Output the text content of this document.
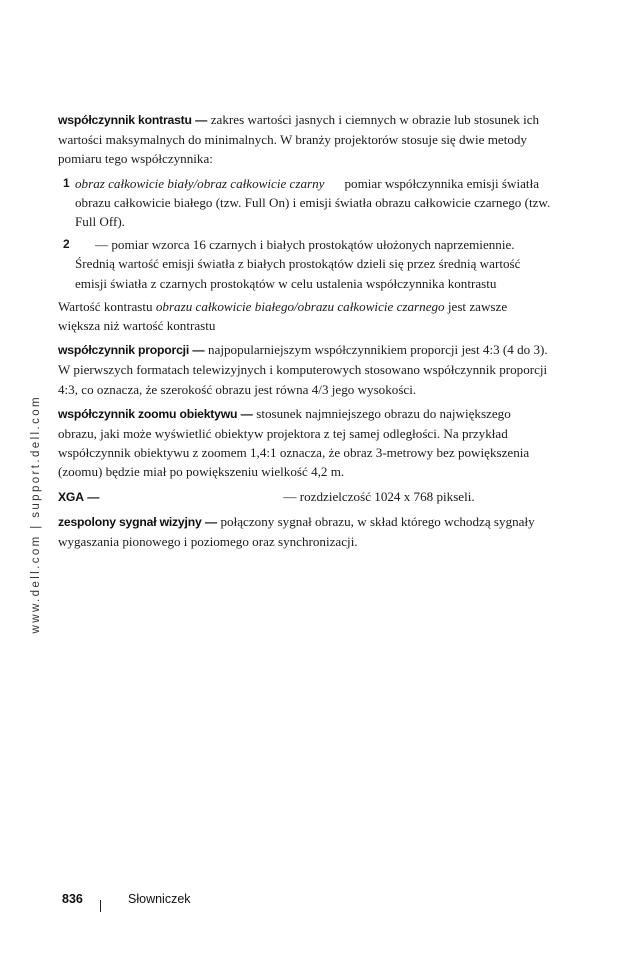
www.dell.com | support.dell.com

współczynnik kontrastu — zakres wartości jasnych i ciemnych w obrazie lub stosunek ich wartości maksymalnych do minimalnych. W branży projektorów stosuje się dwie metody pomiaru tego współczynnika:

1 obraz całkowicie biały/obraz całkowicie czarny pomiar współczynnika emisji światła obrazu całkowicie białego (tzw. Full On) i emisji światła obrazu całkowicie czarnego (tzw. Full Off).

2 — pomiar wzorca 16 czarnych i białych prostokątów ułożonych naprzemiennie. Średnią wartość emisji światła z białych prostokątów dzieli się przez średnią wartość emisji światła z czarnych prostokątów w celu ustalenia współczynnika kontrastu

Wartość kontrastu obrazu całkowicie białego/obrazu całkowicie czarnego jest zawsze większa niż wartość kontrastu

współczynnik proporcji — najpopularniejszym współczynnikiem proporcji jest 4:3 (4 do 3). W pierwszych formatach telewizyjnych i komputerowych stosowano współczynnik proporcji 4:3, co oznacza, że szerokość obrazu jest równa 4/3 jego wysokości.

współczynnik zoomu obiektywu — stosunek najmniejszego obrazu do największego obrazu, jaki może wyświetlić obiektyw projektora z tej samej odległości. Na przykład współczynnik obiektywu z zoomem 1,4:1 oznacza, że obraz 3-metrowy bez powiększenia (zoomu) będzie miał po powiększeniu wielkość 4,2 m.

XGA —	— rozdzielczość 1024 x 768 pikseli.

zespolony sygnał wizyjny — połączony sygnał obrazu, w skład którego wchodzą sygnały wygaszania pionowego i poziomego oraz synchronizacji.

836	Słowniczek
